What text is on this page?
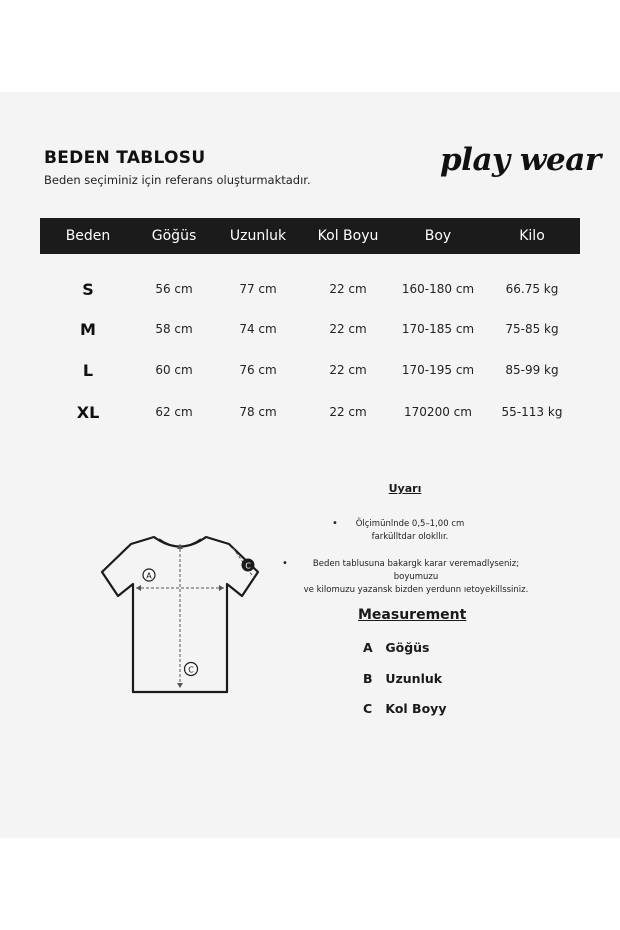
BEDEN TABLOSU
Beden seçiminiz için referans oluşturmaktadır.
play wear
Beden	Göğüs	Uzunluk	Kol Boyu	Boy	Kilo
S	56 cm	77 cm	22 cm	160-180 cm	66.75 kg
M	58 cm	74 cm	22 cm	170-185 cm	75-85 kg
L	60 cm	76 cm	22 cm	170-195 cm	85-99 kg
XL	62 cm	78 cm	22 cm	170200 cm	55-113 kg
Uyarı
•	Ölçimünlnde 0,5–1,00 cm
farkülltdar olokllır.
•	Beden tablusuna bakargk karar veremadlyseniz; boyumuzu
ve kilomuzu yazansk bizden yerdunn ıetoyekillssiniz.
Measurement
A Göğüs
B Uzunluk
C Kol Boyy
A
C
C
